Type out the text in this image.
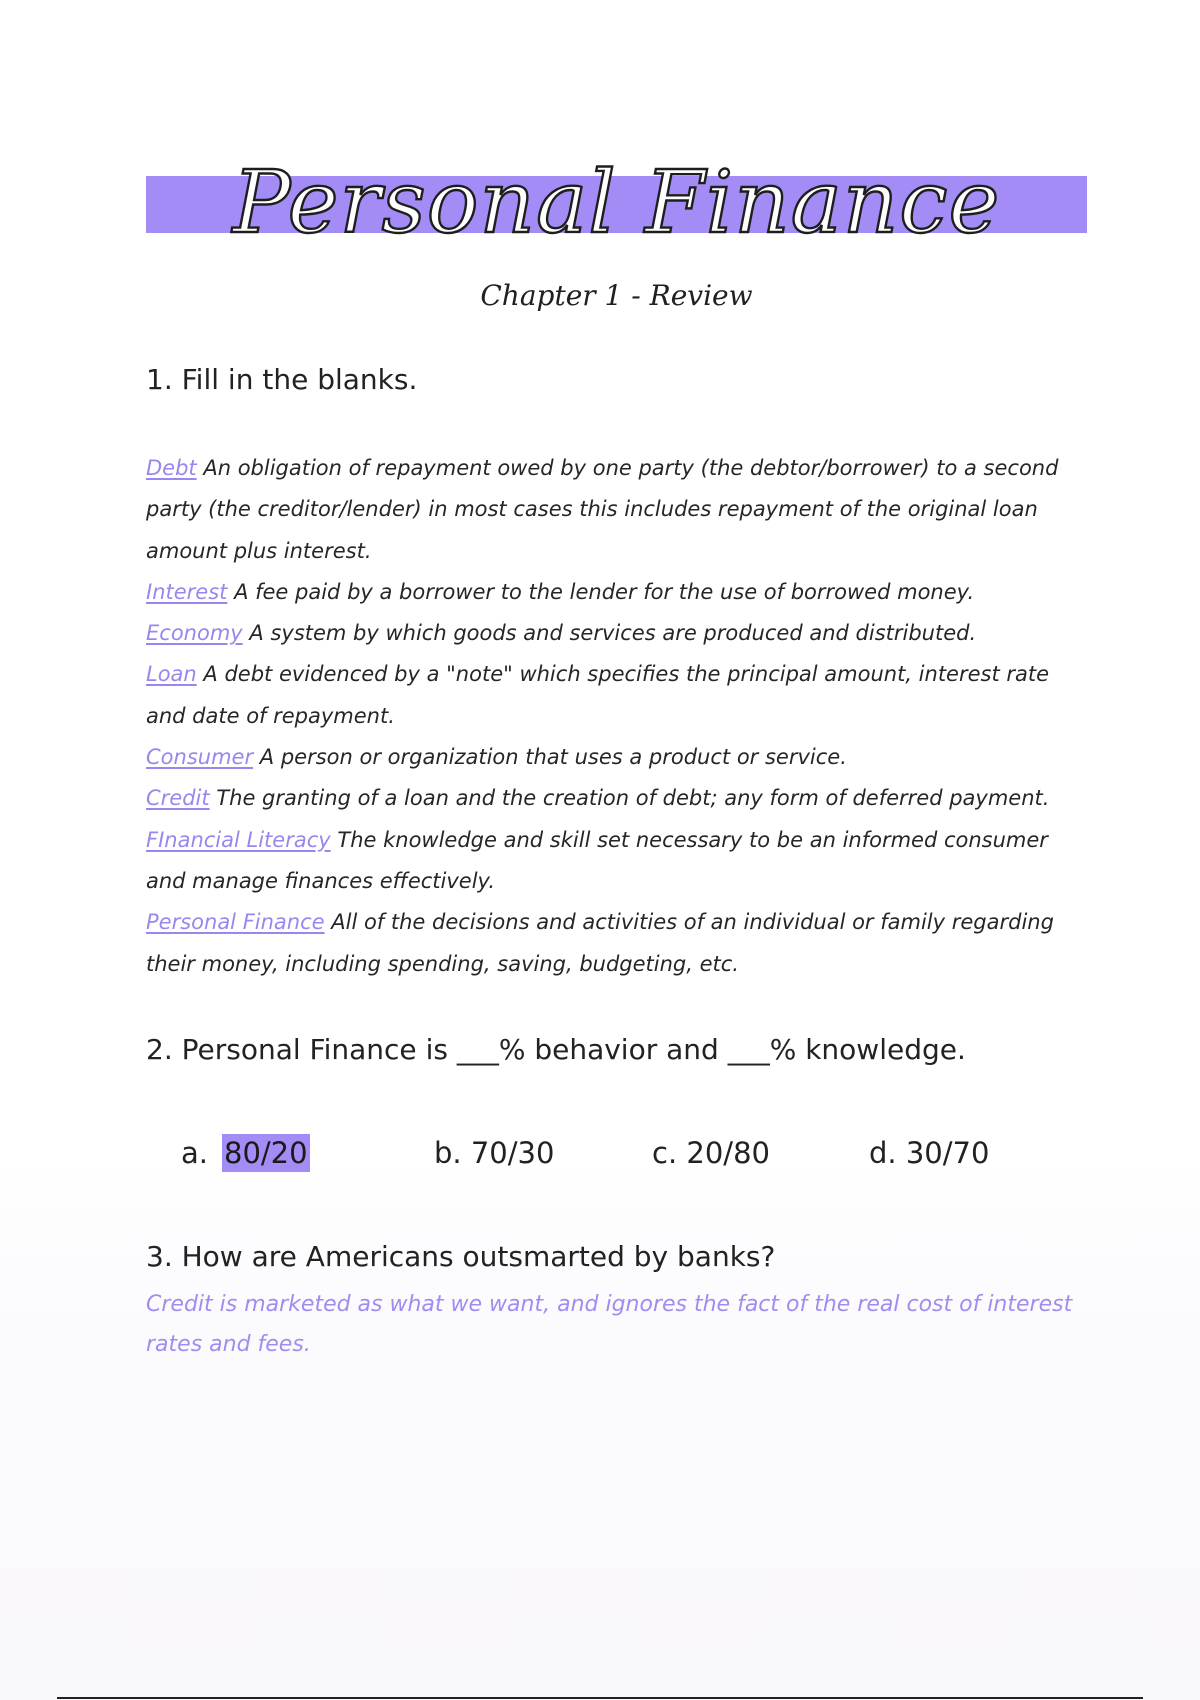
Personal Finance
Chapter 1 - Review
1. Fill in the blanks.

Debt An obligation of repayment owed by one party (the debtor/borrower) to a second party (the creditor/lender) in most cases this includes repayment of the original loan amount plus interest.

Interest A fee paid by a borrower to the lender for the use of borrowed money.

Economy A system by which goods and services are produced and distributed.

Loan A debt evidenced by a "note" which specifies the principal amount, interest rate and date of repayment.

Consumer A person or organization that uses a product or service.

Credit The granting of a loan and the creation of debt; any form of deferred payment.

FInancial Literacy The knowledge and skill set necessary to be an informed consumer and manage finances effectively.

Personal Finance All of the decisions and activities of an individual or family regarding their money, including spending, saving, budgeting, etc.

2. Personal Finance is ___% behavior and ___% knowledge.
a. 80/20	b. 70/30	c. 20/80	d. 30/70
3. How are Americans outsmarted by banks?
Credit is marketed as what we want, and ignores the fact of the real cost of interest rates and fees.
